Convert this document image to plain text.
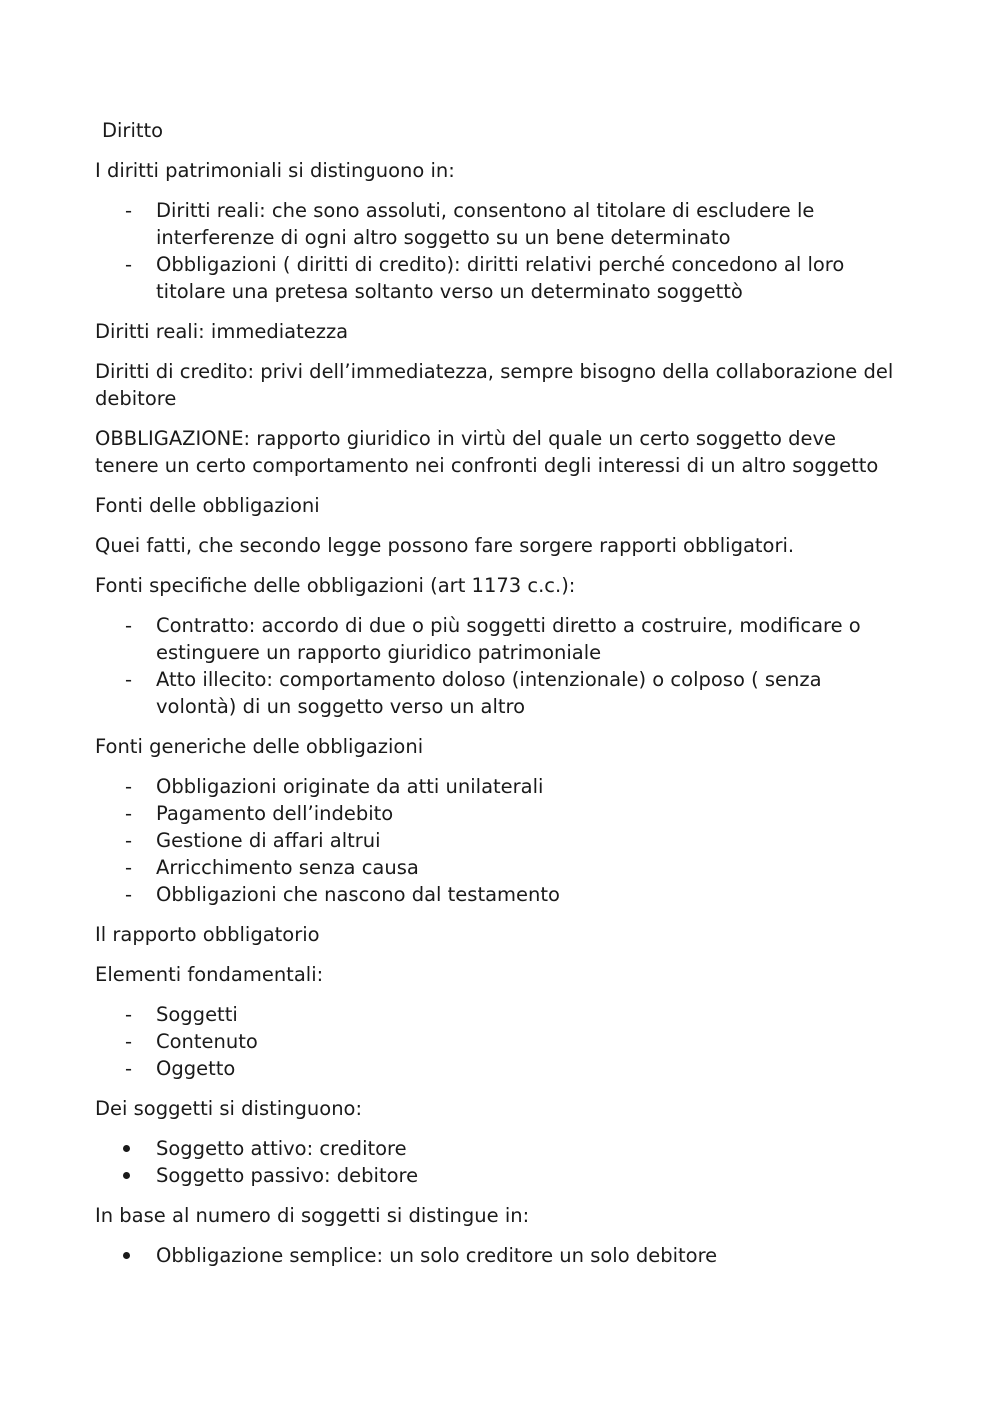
Diritto
I diritti patrimoniali si distinguono in:
-	Diritti reali: che sono assoluti, consentono al titolare di escludere le interferenze di ogni altro soggetto su un bene determinato
-	Obbligazioni ( diritti di credito): diritti relativi perché concedono al loro titolare una pretesa soltanto verso un determinato soggettò
Diritti reali: immediatezza
Diritti di credito: privi dell’immediatezza, sempre bisogno della collaborazione del debitore
OBBLIGAZIONE: rapporto giuridico in virtù del quale un certo soggetto deve tenere un certo comportamento nei confronti degli interessi di un altro soggetto
Fonti delle obbligazioni
Quei fatti, che secondo legge possono fare sorgere rapporti obbligatori.
Fonti specifiche delle obbligazioni (art 1173 c.c.):
-	Contratto: accordo di due o più soggetti diretto a costruire, modificare o estinguere un rapporto giuridico patrimoniale
-	Atto illecito: comportamento doloso (intenzionale) o colposo ( senza volontà) di un soggetto verso un altro
Fonti generiche delle obbligazioni
-	Obbligazioni originate da atti unilaterali
-	Pagamento dell’indebito
-	Gestione di affari altrui
-	Arricchimento senza causa
-	Obbligazioni che nascono dal testamento
Il rapporto obbligatorio
Elementi fondamentali:
-	Soggetti
-	Contenuto
-	Oggetto
Dei soggetti si distinguono:
Soggetto attivo: creditore
Soggetto passivo: debitore
In base al numero di soggetti si distingue in:
Obbligazione semplice: un solo creditore un solo debitore
